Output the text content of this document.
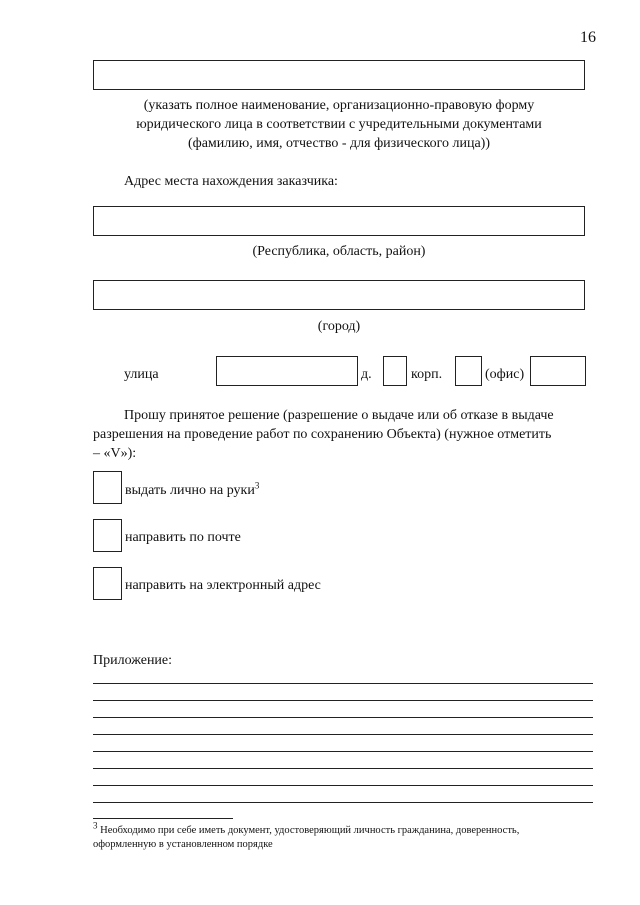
16
(указать полное наименование, организационно-правовую форму
юридического лица в соответствии с учредительными документами
(фамилию, имя, отчество - для физического лица))
Адрес места нахождения заказчика:
(Республика, область, район)
(город)
улица	д.	корп.	(офис)
Прошу принятое решение (разрешение о выдаче или об отказе в выдаче
разрешения на проведение работ по сохранению Объекта) (нужное отметить
– «V»):
выдать лично на руки$^3$
направить по почте
направить на электронный адрес
Приложение:
$^3$ Необходимо при себе иметь документ, удостоверяющий личность гражданина, доверенность,
оформленную в установленном порядке
